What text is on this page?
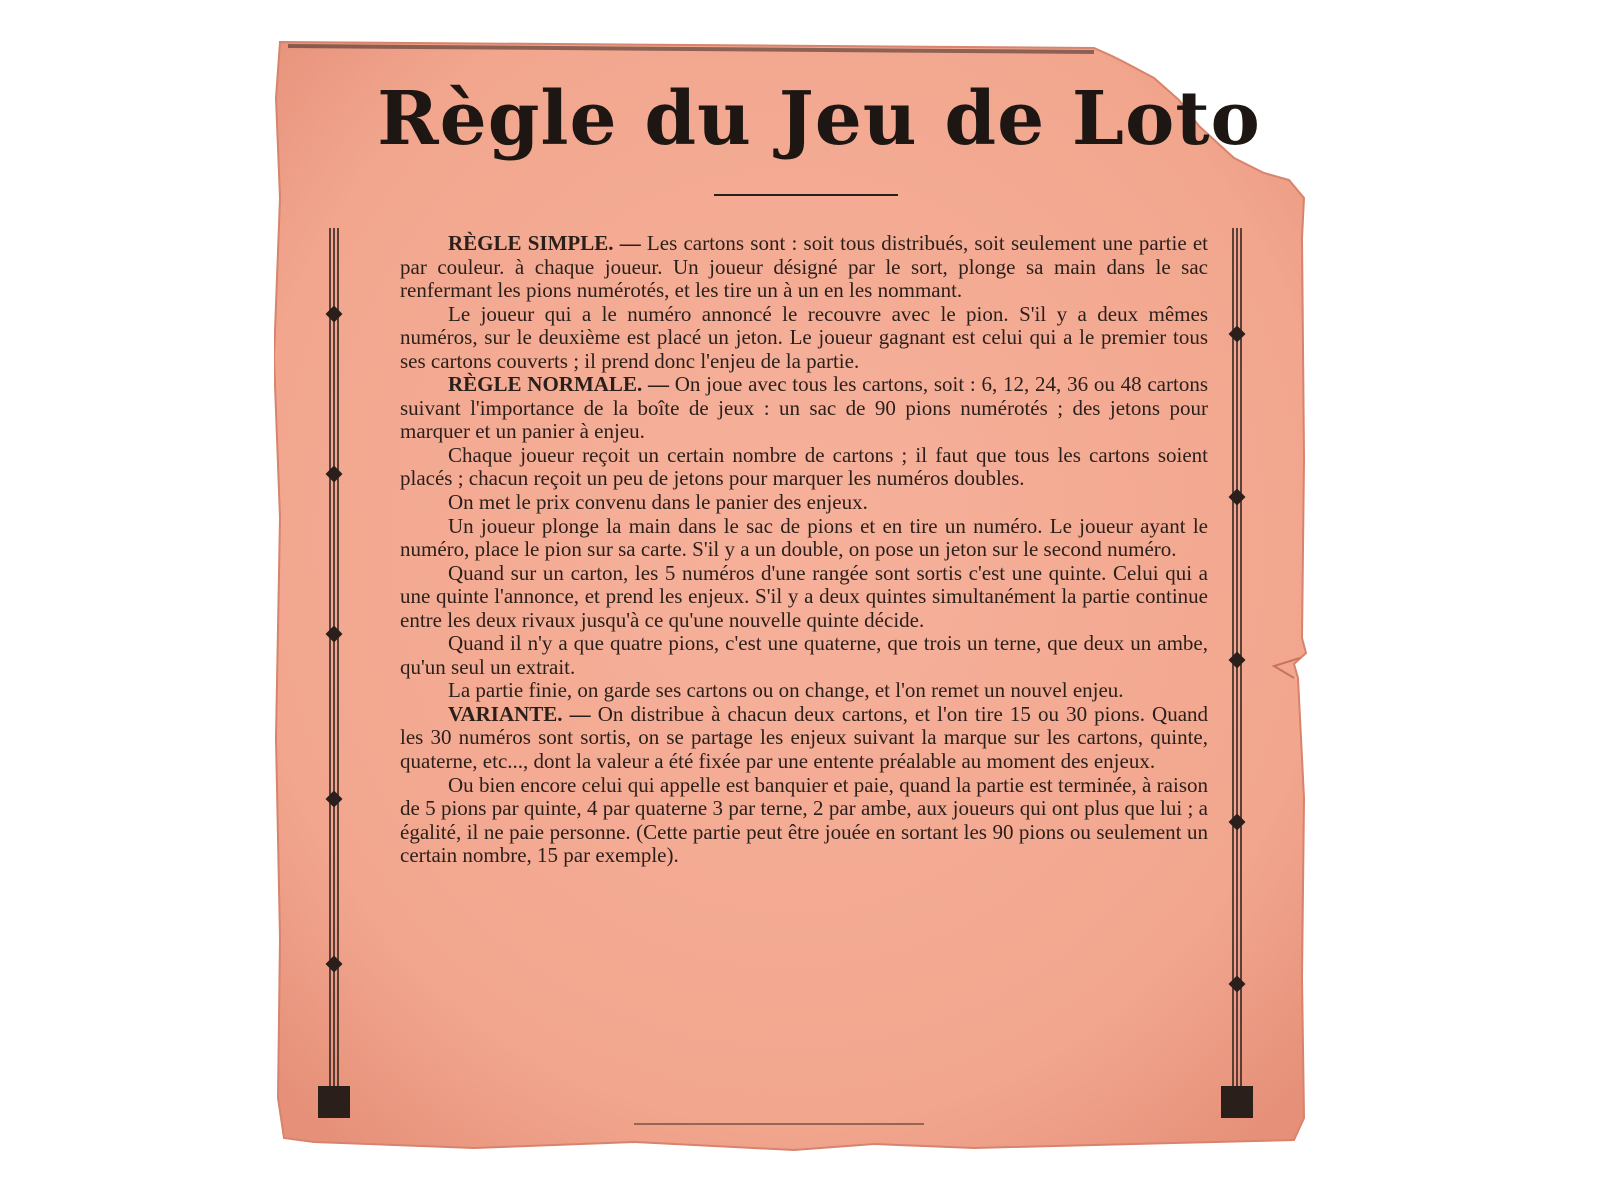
Règle du Jeu de Loto

RÈGLE SIMPLE. — Les cartons sont : soit tous distribués, soit seulement une partie et par couleur. à chaque joueur. Un joueur désigné par le sort, plonge sa main dans le sac renfermant les pions numérotés, et les tire un à un en les nommant.

Le joueur qui a le numéro annoncé le recouvre avec le pion. S'il y a deux mêmes numéros, sur le deuxième est placé un jeton. Le joueur gagnant est celui qui a le premier tous ses cartons couverts ; il prend donc l'enjeu de la partie.

RÈGLE NORMALE. — On joue avec tous les cartons, soit : 6, 12, 24, 36 ou 48 cartons suivant l'importance de la boîte de jeux : un sac de 90 pions numérotés ; des jetons pour marquer et un panier à enjeu.

Chaque joueur reçoit un certain nombre de cartons ; il faut que tous les cartons soient placés ; chacun reçoit un peu de jetons pour marquer les numéros doubles.

On met le prix convenu dans le panier des enjeux.

Un joueur plonge la main dans le sac de pions et en tire un numéro. Le joueur ayant le numéro, place le pion sur sa carte. S'il y a un double, on pose un jeton sur le second numéro.

Quand sur un carton, les 5 numéros d'une rangée sont sortis c'est une quinte. Celui qui a une quinte l'annonce, et prend les enjeux. S'il y a deux quintes simultanément la partie continue entre les deux rivaux jusqu'à ce qu'une nouvelle quinte décide.

Quand il n'y a que quatre pions, c'est une quaterne, que trois un terne, que deux un ambe, qu'un seul un extrait.

La partie finie, on garde ses cartons ou on change, et l'on remet un nouvel enjeu.

VARIANTE. — On distribue à chacun deux cartons, et l'on tire 15 ou 30 pions. Quand les 30 numéros sont sortis, on se partage les enjeux suivant la marque sur les cartons, quinte, quaterne, etc..., dont la valeur a été fixée par une entente préalable au moment des enjeux.

Ou bien encore celui qui appelle est banquier et paie, quand la partie est terminée, à raison de 5 pions par quinte, 4 par quaterne 3 par terne, 2 par ambe, aux joueurs qui ont plus que lui ; a égalité, il ne paie personne. (Cette partie peut être jouée en sortant les 90 pions ou seulement un certain nombre, 15 par exemple).
